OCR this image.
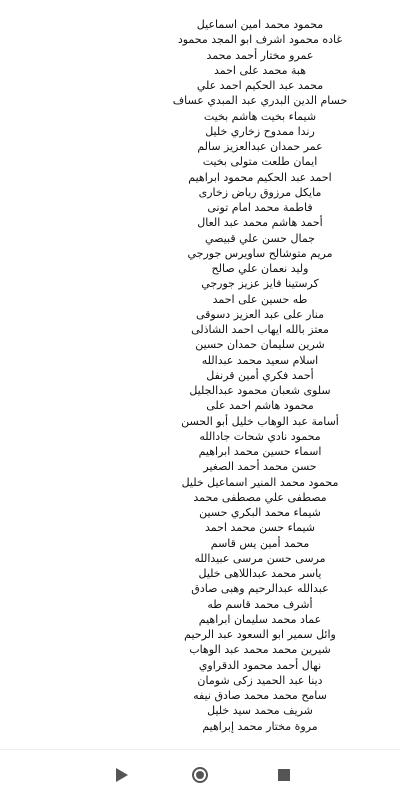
محمود محمد امين اسماعيل
غاده محمود اشرف ابو المجد محمود
عمرو مختار أحمد محمد
هبة محمد على احمد
محمد عبد الحكيم احمد علي
حسام الدين البدري عبد المبدي عساف
شيماء بخيت هاشم بخيت
رندا ممدوح زخاري خليل
عمر حمدان عبدالعزيز سالم
ايمان طلعت متولى بخيت
احمد عبد الحكيم محمود ابراهيم
مايكل مرزوق رياض زخارى
فاطمة محمد امام تونى
أحمد هاشم محمد عبد العال
جمال حسن علي قبيصي
مريم متوشالح ساويرس جورجي
وليد نعمان علي صالح
كرستينا فايز عزيز جورجي
طه حسين على احمد
منار على عبد العزيز دسوقى
معتز بالله ايهاب احمد الشاذلى
شرين سليمان حمدان حسين
اسلام سعيد محمد عبدالله
أحمد فكري أمين قرنفل
سلوى شعبان محمود عبدالجليل
محمود هاشم احمد على
أسامة عبد الوهاب خليل أبو الحسن
محمود نادي شحات جادالله
اسماء حسين محمد ابراهيم
حسن محمد أحمد الصغير
محمود محمد المنير اسماعيل خليل
مصطفى علي مصطفى محمد
شيماء محمد البكري حسين
شيماء حسن محمد احمد
محمد أمين يس قاسم
مرسى حسن مرسى عبيدالله
ياسر محمد عبداللاهى خليل
عبدالله عبدالرحيم وهبى صادق
أشرف محمد قاسم طه
عماد محمد سليمان ابراهيم
وائل سمير ابو السعود عبد الرحيم
شيرين محمد محمد عبد الوهاب
نهال أحمد محمود الدقراوي
دينا عبد الحميد زكى شومان
سامح محمد محمد صادق نيفه
شريف محمد سيد خليل
مروة مختار محمد إبراهيم
